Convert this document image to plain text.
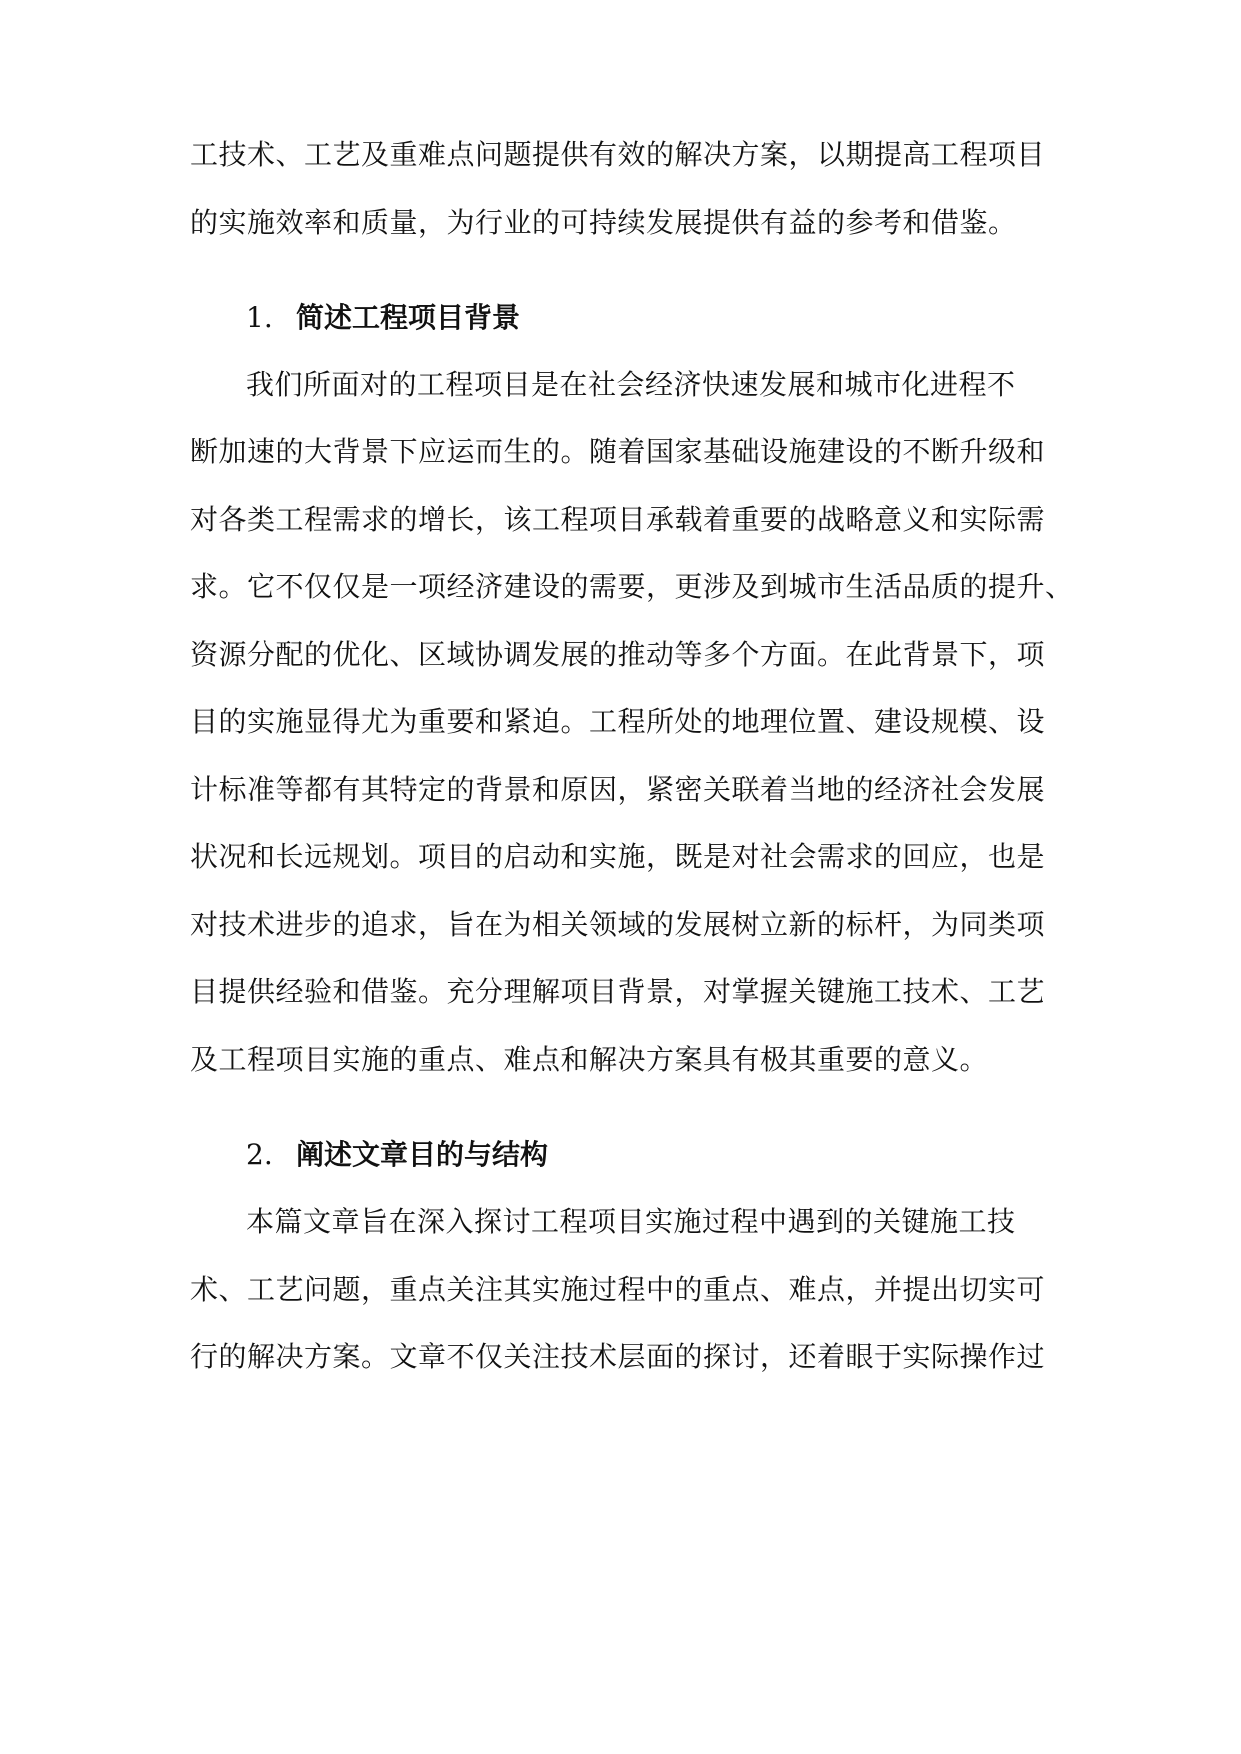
工技术、工艺及重难点问题提供有效的解决方案，以期提高工程项目
的实施效率和质量，为行业的可持续发展提供有益的参考和借鉴。
1. 简述工程项目背景
我们所面对的工程项目是在社会经济快速发展和城市化进程不
断加速的大背景下应运而生的。随着国家基础设施建设的不断升级和
对各类工程需求的增长，该工程项目承载着重要的战略意义和实际需
求。它不仅仅是一项经济建设的需要，更涉及到城市生活品质的提升、
资源分配的优化、区域协调发展的推动等多个方面。在此背景下，项
目的实施显得尤为重要和紧迫。工程所处的地理位置、建设规模、设
计标准等都有其特定的背景和原因，紧密关联着当地的经济社会发展
状况和长远规划。项目的启动和实施，既是对社会需求的回应，也是
对技术进步的追求，旨在为相关领域的发展树立新的标杆，为同类项
目提供经验和借鉴。充分理解项目背景，对掌握关键施工技术、工艺
及工程项目实施的重点、难点和解决方案具有极其重要的意义。
2. 阐述文章目的与结构
本篇文章旨在深入探讨工程项目实施过程中遇到的关键施工技
术、工艺问题，重点关注其实施过程中的重点、难点，并提出切实可
行的解决方案。文章不仅关注技术层面的探讨，还着眼于实际操作过
